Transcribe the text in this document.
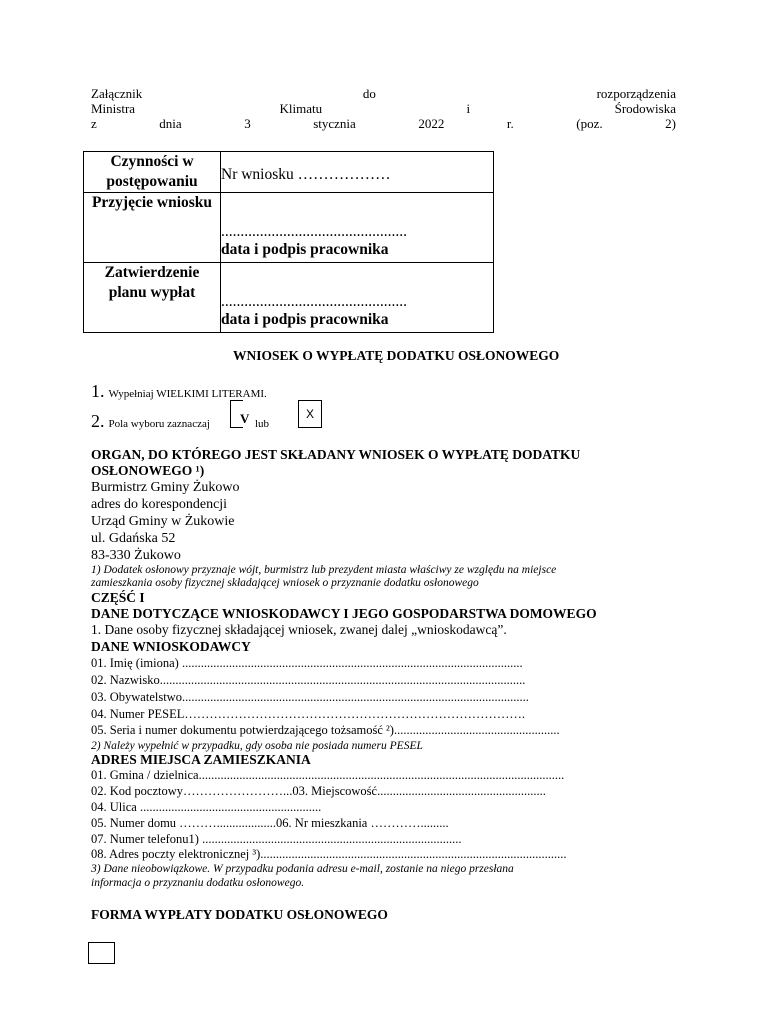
Załącznik	do	rozporządzenia
Ministra	Klimatu	i	Środowiska
z	dnia	3	stycznia	2022	r.	(poz.	2)
Czynności w postępowaniu	Nr wniosku ………………

Przyjęcie wniosku	................................................
data i podpis pracownika

Zatwierdzenie planu wypłat	................................................
data i podpis pracownika
WNIOSEK O WYPŁATĘ DODATKU OSŁONOWEGO
1. Wypełniaj WIELKIMI LITERAMI.
2. Pola wyboru zaznaczaj V lub
X
ORGAN, DO KTÓREGO JEST SKŁADANY WNIOSEK O WYPŁATĘ DODATKU
OSŁONOWEGO ¹)
Burmistrz Gminy Żukowo
adres do korespondencji
Urząd Gminy w Żukowie
ul. Gdańska 52
83-330 Żukowo
1) Dodatek osłonowy przyznaje wójt, burmistrz lub prezydent miasta właściwy ze względu na miejsce
zamieszkania osoby fizycznej składającej wniosek o przyznanie dodatku osłonowego
CZĘŚĆ I
DANE DOTYCZĄCE WNIOSKODAWCY I JEGO GOSPODARSTWA DOMOWEGO
1. Dane osoby fizycznej składającej wniosek, zwanej dalej „wnioskodawcą”.
DANE WNIOSKODAWCY
01. Imię (imiona) .............................................................................................................
02. Nazwisko.....................................................................................................................
03. Obywatelstwo...............................................................................................................
04. Numer PESEL……………………………………………………………………….
05. Seria i numer dokumentu potwierdzającego tożsamość ²).....................................................
2) Należy wypełnić w przypadku, gdy osoba nie posiada numeru PESEL
ADRES MIEJSCA ZAMIESZKANIA
01. Gmina / dzielnica.....................................................................................................................
02. Kod pocztowy……………………...03. Miejscowość......................................................
04. Ulica ..........................................................
05. Numer domu ………...................06. Nr mieszkania ………….........
07. Numer telefonu1) ...................................................................................
08. Adres poczty elektronicznej ³)..................................................................................................
3) Dane nieobowiązkowe. W przypadku podania adresu e-mail, zostanie na niego przesłana
informacja o przyznaniu dodatku osłonowego.
FORMA WYPŁATY DODATKU OSŁONOWEGO
